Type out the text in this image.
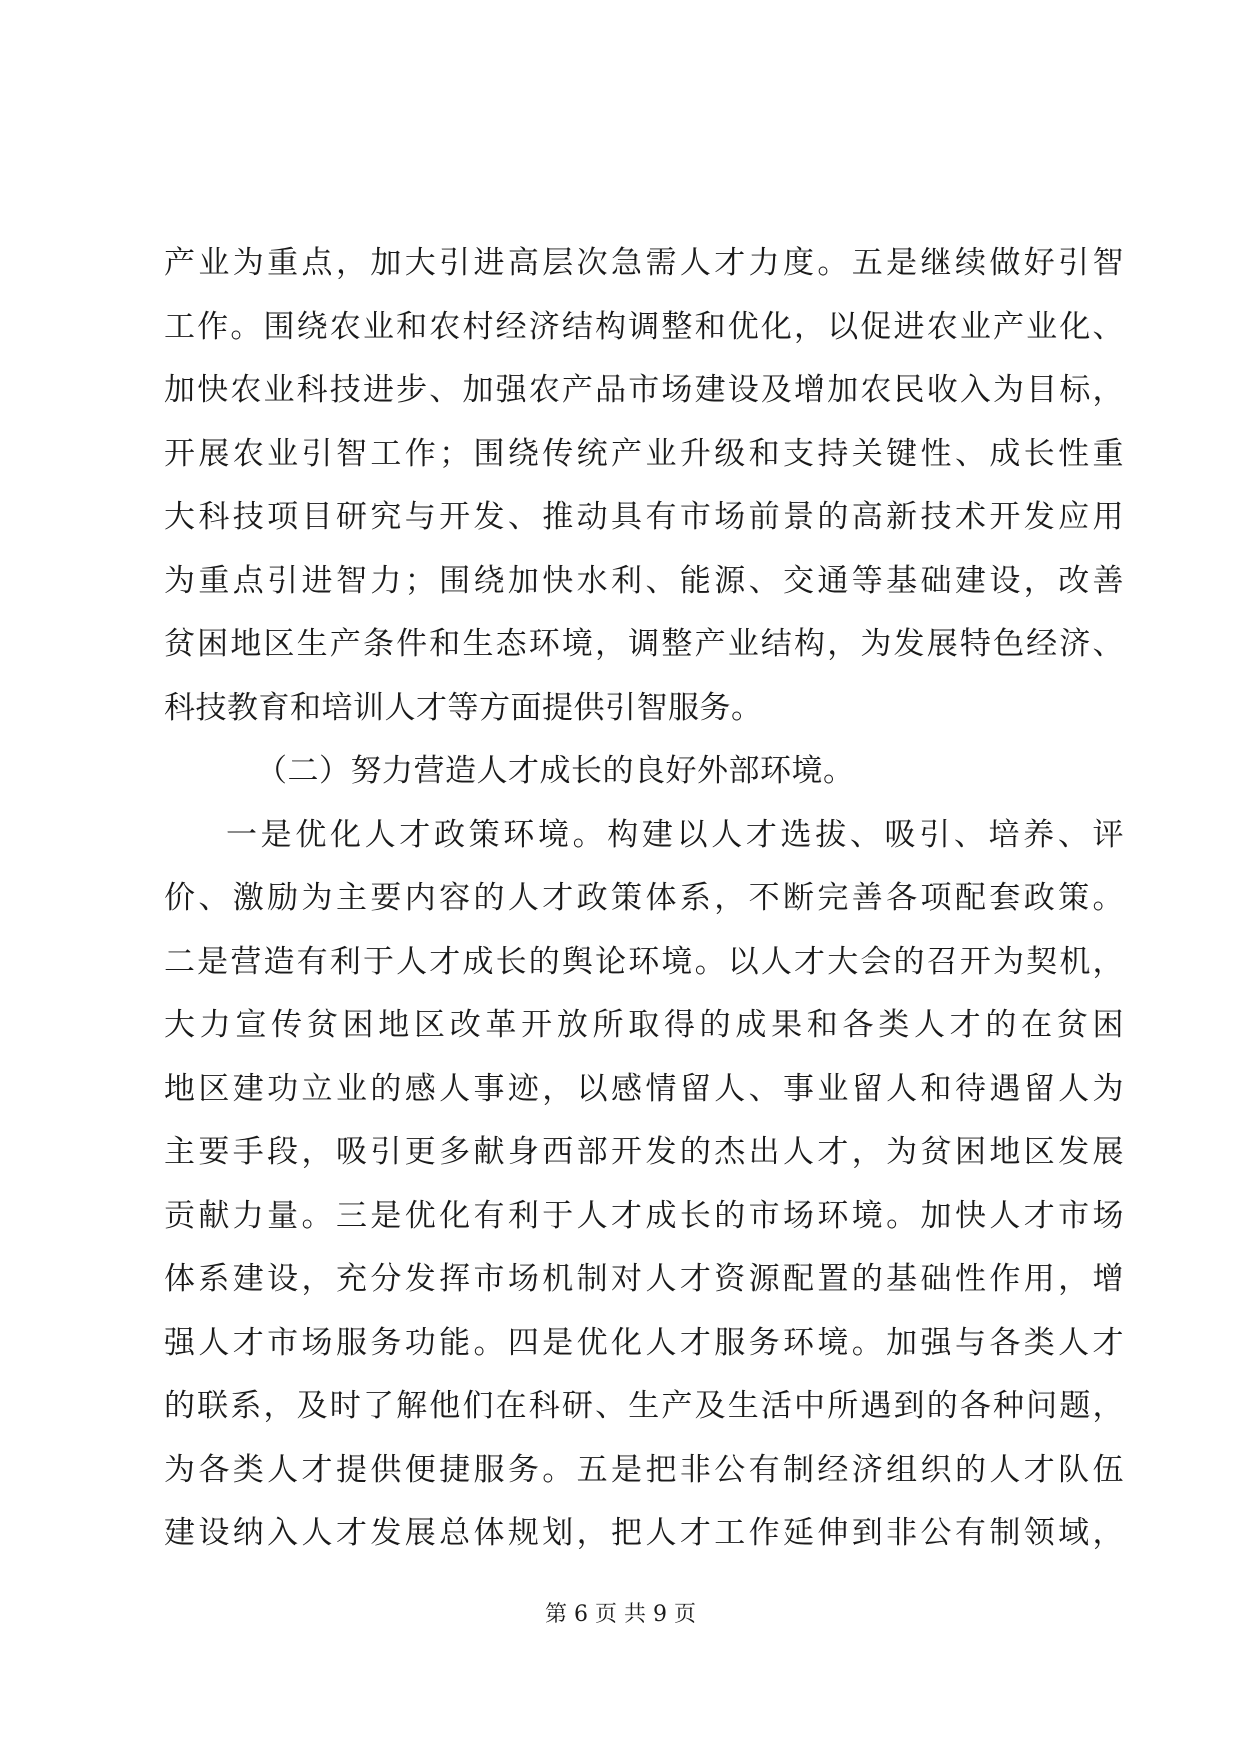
产业为重点，加大引进高层次急需人才力度。五是继续做好引智
工作。围绕农业和农村经济结构调整和优化，以促进农业产业化、
加快农业科技进步、加强农产品市场建设及增加农民收入为目标，
开展农业引智工作；围绕传统产业升级和支持关键性、成长性重
大科技项目研究与开发、推动具有市场前景的高新技术开发应用
为重点引进智力；围绕加快水利、能源、交通等基础建设，改善
贫困地区生产条件和生态环境，调整产业结构，为发展特色经济、
科技教育和培训人才等方面提供引智服务。
（二）努力营造人才成长的良好外部环境。
一是优化人才政策环境。构建以人才选拔、吸引、培养、评
价、激励为主要内容的人才政策体系，不断完善各项配套政策。
二是营造有利于人才成长的舆论环境。以人才大会的召开为契机，
大力宣传贫困地区改革开放所取得的成果和各类人才的在贫困
地区建功立业的感人事迹，以感情留人、事业留人和待遇留人为
主要手段，吸引更多献身西部开发的杰出人才，为贫困地区发展
贡献力量。三是优化有利于人才成长的市场环境。加快人才市场
体系建设，充分发挥市场机制对人才资源配置的基础性作用，增
强人才市场服务功能。四是优化人才服务环境。加强与各类人才
的联系，及时了解他们在科研、生产及生活中所遇到的各种问题，
为各类人才提供便捷服务。五是把非公有制经济组织的人才队伍
建设纳入人才发展总体规划，把人才工作延伸到非公有制领域，
第 6 页 共 9 页
